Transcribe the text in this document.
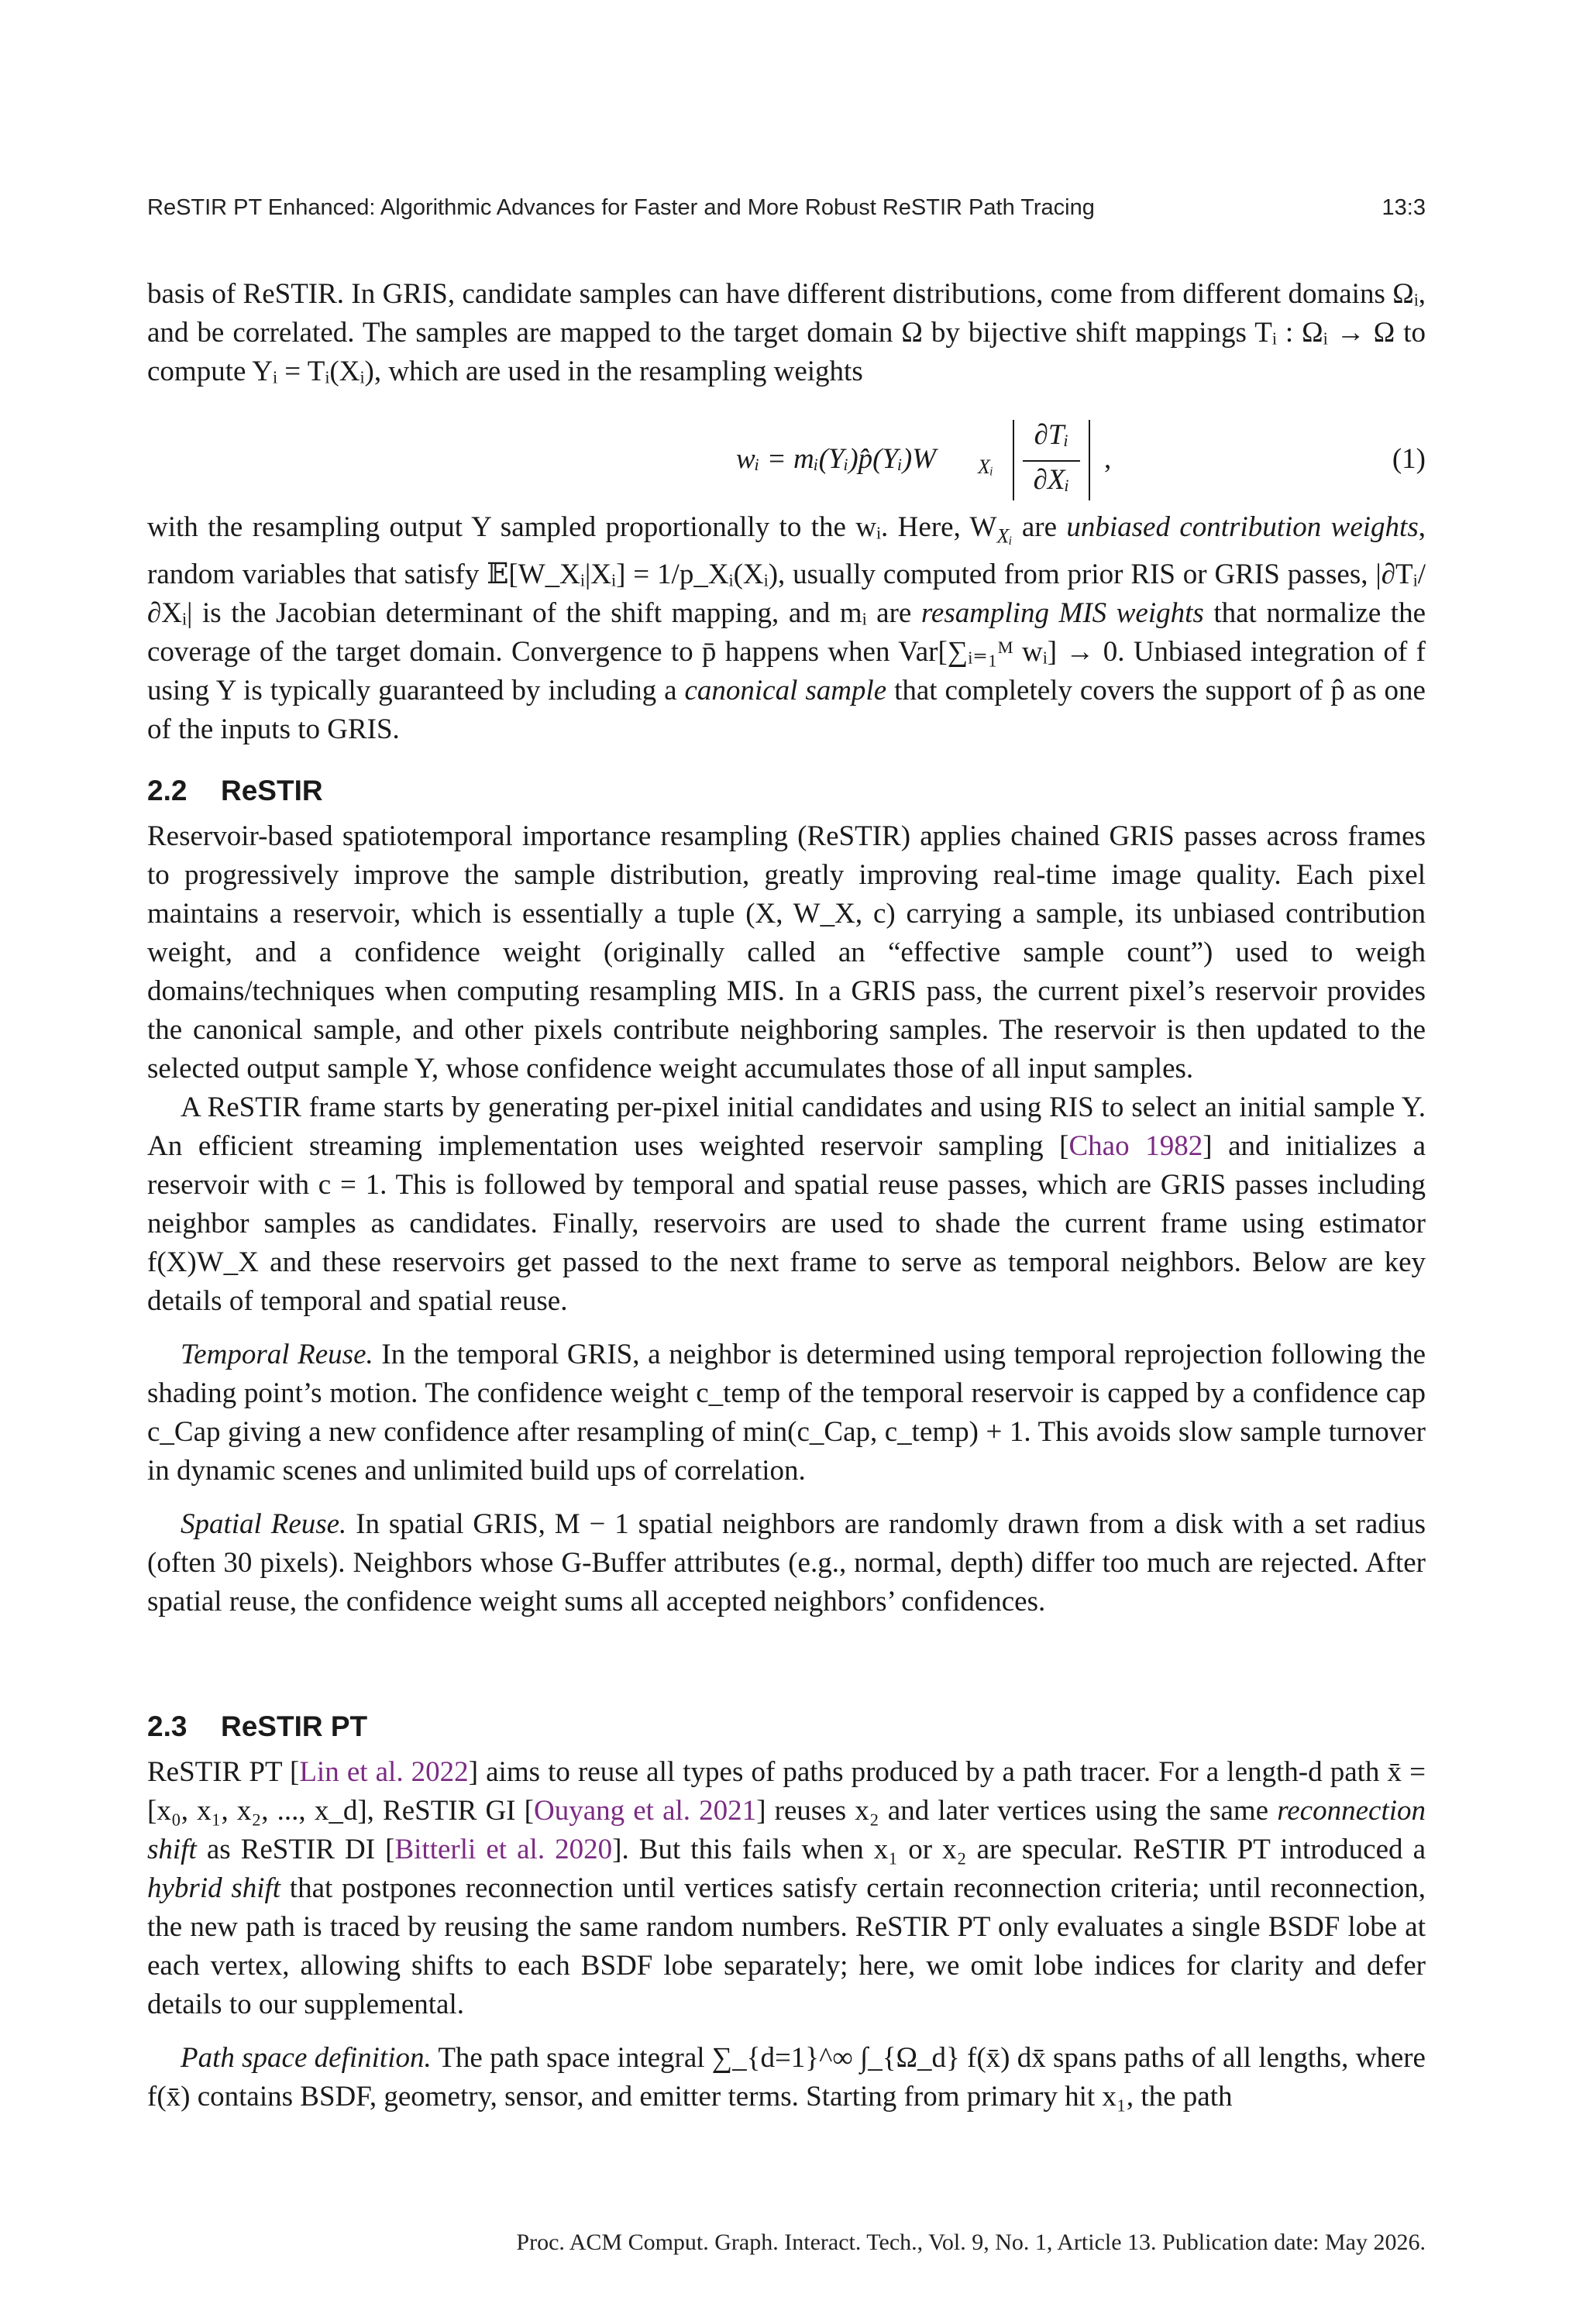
ReSTIR PT Enhanced: Algorithmic Advances for Faster and More Robust ReSTIR Path Tracing	13:3

basis of ReSTIR. In GRIS, candidate samples can have different distributions, come from different domains Ωᵢ, and be correlated. The samples are mapped to the target domain Ω by bijective shift mappings Tᵢ : Ωᵢ → Ω to compute Yᵢ = Tᵢ(Xᵢ), which are used in the resampling weights

wᵢ = mᵢ(Yᵢ)p̂(Yᵢ)W Xᵢ
∂Tᵢ
∂Xᵢ
,	(1)

with the resampling output Y sampled proportionally to the wᵢ. Here, $W_{Xᵢ}$ are unbiased contribution weights, random variables that satisfy 𝔼[W_Xᵢ|Xᵢ] = 1/p_Xᵢ(Xᵢ), usually computed from prior RIS or GRIS passes, |∂Tᵢ/∂Xᵢ| is the Jacobian determinant of the shift mapping, and mᵢ are resampling MIS weights that normalize the coverage of the target domain. Convergence to p̄ happens when Var[∑ᵢ₌₁ᴹ wᵢ] → 0. Unbiased integration of f using Y is typically guaranteed by including a canonical sample that completely covers the support of p̂ as one of the inputs to GRIS.

2.2 ReSTIR

Reservoir-based spatiotemporal importance resampling (ReSTIR) applies chained GRIS passes across frames to progressively improve the sample distribution, greatly improving real-time image quality. Each pixel maintains a reservoir, which is essentially a tuple (X, W_X, c) carrying a sample, its unbiased contribution weight, and a confidence weight (originally called an “effective sample count”) used to weigh domains/techniques when computing resampling MIS. In a GRIS pass, the current pixel’s reservoir provides the canonical sample, and other pixels contribute neighboring samples. The reservoir is then updated to the selected output sample Y, whose confidence weight accumulates those of all input samples.

A ReSTIR frame starts by generating per-pixel initial candidates and using RIS to select an initial sample Y. An efficient streaming implementation uses weighted reservoir sampling [Chao 1982] and initializes a reservoir with c = 1. This is followed by temporal and spatial reuse passes, which are GRIS passes including neighbor samples as candidates. Finally, reservoirs are used to shade the current frame using estimator f(X)W_X and these reservoirs get passed to the next frame to serve as temporal neighbors. Below are key details of temporal and spatial reuse.

Temporal Reuse. In the temporal GRIS, a neighbor is determined using temporal reprojection following the shading point’s motion. The confidence weight c_temp of the temporal reservoir is capped by a confidence cap c_Cap giving a new confidence after resampling of min(c_Cap, c_temp) + 1. This avoids slow sample turnover in dynamic scenes and unlimited build ups of correlation.

Spatial Reuse. In spatial GRIS, M − 1 spatial neighbors are randomly drawn from a disk with a set radius (often 30 pixels). Neighbors whose G-Buffer attributes (e.g., normal, depth) differ too much are rejected. After spatial reuse, the confidence weight sums all accepted neighbors’ confidences.

2.3 ReSTIR PT

ReSTIR PT [Lin et al. 2022] aims to reuse all types of paths produced by a path tracer. For a length-d path x̄ = [x₀, x₁, x₂, ..., x_d], ReSTIR GI [Ouyang et al. 2021] reuses x₂ and later vertices using the same reconnection shift as ReSTIR DI [Bitterli et al. 2020]. But this fails when x₁ or x₂ are specular. ReSTIR PT introduced a hybrid shift that postpones reconnection until vertices satisfy certain reconnection criteria; until reconnection, the new path is traced by reusing the same random numbers. ReSTIR PT only evaluates a single BSDF lobe at each vertex, allowing shifts to each BSDF lobe separately; here, we omit lobe indices for clarity and defer details to our supplemental.

Path space definition. The path space integral ∑_{d=1}^∞ ∫_{Ω_d} f(x̄) dx̄ spans paths of all lengths, where f(x̄) contains BSDF, geometry, sensor, and emitter terms. Starting from primary hit x₁, the path

Proc. ACM Comput. Graph. Interact. Tech., Vol. 9, No. 1, Article 13. Publication date: May 2026.
